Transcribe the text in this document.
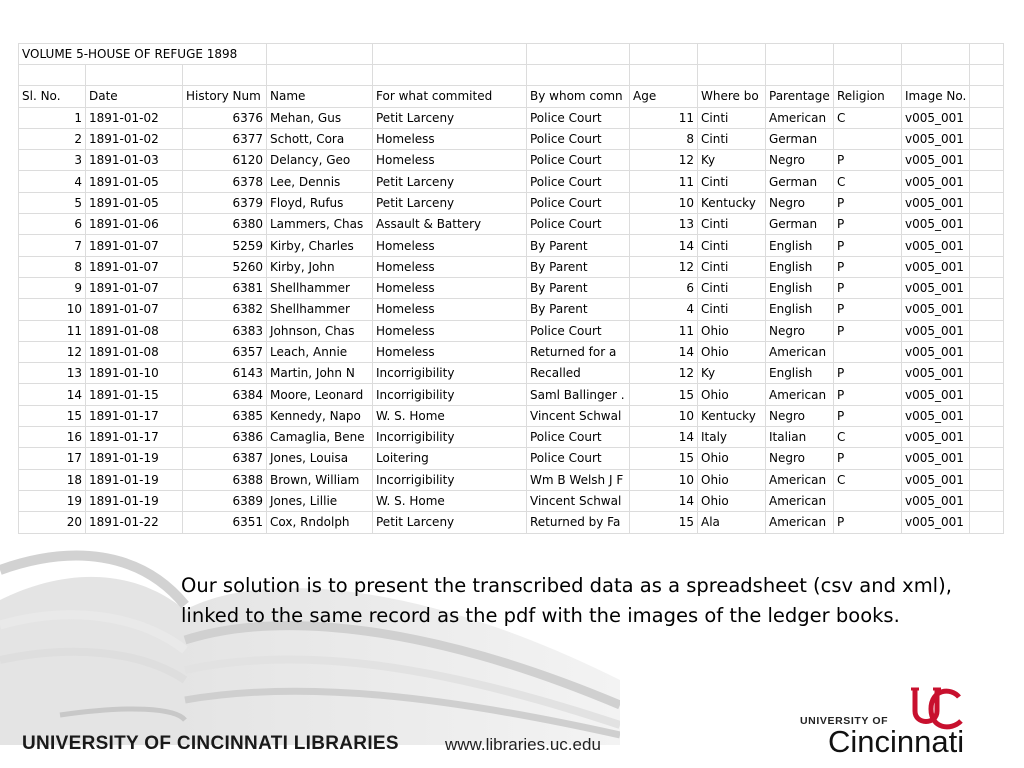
VOLUME 5-HOUSE OF REFUGE 1898											

Sl. No.	Date	History Num	Name	For what commited	By whom comn	Age	Where bo	Parentage	Religion	Image No.	
1	1891-01-02	6376	Mehan, Gus	Petit Larceny	Police Court	11	Cinti	American	C	v005_001	
2	1891-01-02	6377	Schott, Cora	Homeless	Police Court	8	Cinti	German		v005_001	
3	1891-01-03	6120	Delancy, Geo	Homeless	Police Court	12	Ky	Negro	P	v005_001	
4	1891-01-05	6378	Lee, Dennis	Petit Larceny	Police Court	11	Cinti	German	C	v005_001	
5	1891-01-05	6379	Floyd, Rufus	Petit Larceny	Police Court	10	Kentucky	Negro	P	v005_001	
6	1891-01-06	6380	Lammers, Chas	Assault & Battery	Police Court	13	Cinti	German	P	v005_001	
7	1891-01-07	5259	Kirby, Charles	Homeless	By Parent	14	Cinti	English	P	v005_001	
8	1891-01-07	5260	Kirby, John	Homeless	By Parent	12	Cinti	English	P	v005_001	
9	1891-01-07	6381	Shellhammer	Homeless	By Parent	6	Cinti	English	P	v005_001	
10	1891-01-07	6382	Shellhammer	Homeless	By Parent	4	Cinti	English	P	v005_001	
11	1891-01-08	6383	Johnson, Chas	Homeless	Police Court	11	Ohio	Negro	P	v005_001	
12	1891-01-08	6357	Leach, Annie	Homeless	Returned for a	14	Ohio	American		v005_001	
13	1891-01-10	6143	Martin, John N	Incorrigibility	Recalled	12	Ky	English	P	v005_001	
14	1891-01-15	6384	Moore, Leonard	Incorrigibility	Saml Ballinger .	15	Ohio	American	P	v005_001	
15	1891-01-17	6385	Kennedy, Napo	W. S. Home	Vincent Schwal	10	Kentucky	Negro	P	v005_001	
16	1891-01-17	6386	Camaglia, Bene	Incorrigibility	Police Court	14	Italy	Italian	C	v005_001	
17	1891-01-19	6387	Jones, Louisa	Loitering	Police Court	15	Ohio	Negro	P	v005_001	
18	1891-01-19	6388	Brown, William	Incorrigibility	Wm B Welsh J F	10	Ohio	American	C	v005_001	
19	1891-01-19	6389	Jones, Lillie	W. S. Home	Vincent Schwal	14	Ohio	American		v005_001	
20	1891-01-22	6351	Cox, Rndolph	Petit Larceny	Returned by Fa	15	Ala	American	P	v005_001	

Our solution is to present the transcribed data as a spreadsheet (csv and xml), linked to the same record as the pdf with the images of the ledger books.

UNIVERSITY OF CINCINNATI LIBRARIES	www.libraries.uc.edu
UNIVERSITY OF
Cincinnati
